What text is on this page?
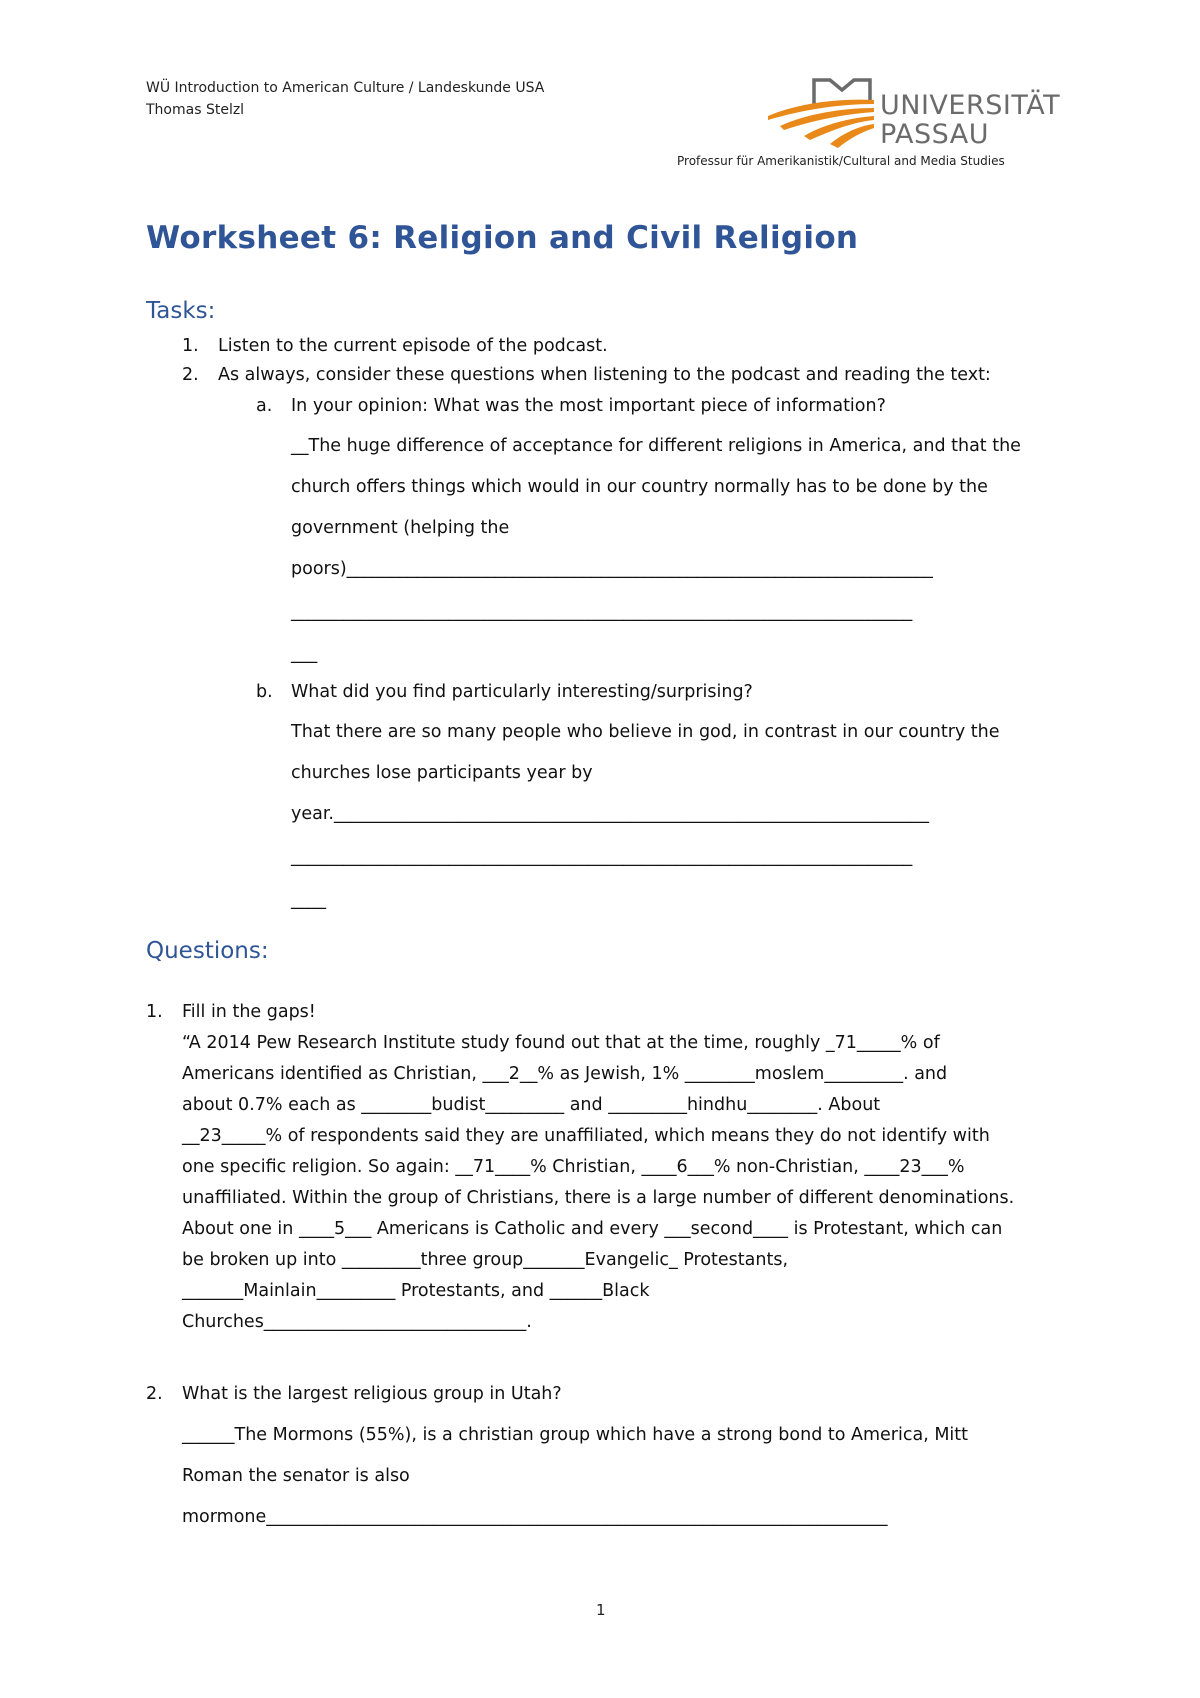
WÜ Introduction to American Culture / Landeskunde USA
Thomas Stelzl	UNIVERSITÄT
PASSAU
Professur für Amerikanistik/Cultural and Media Studies
Worksheet 6: Religion and Civil Religion
Tasks:
1. Listen to the current episode of the podcast.
2. As always, consider these questions when listening to the podcast and reading the text:
a. In your opinion: What was the most important piece of information?
__The huge difference of acceptance for different religions in America, and that the
church offers things which would in our country normally has to be done by the
government (helping the
poors)___________________________________________________________________
_______________________________________________________________________
___
b. What did you find particularly interesting/surprising?
That there are so many people who believe in god, in contrast in our country the
churches lose participants year by
year.____________________________________________________________________
_______________________________________________________________________
____
Questions:
1. Fill in the gaps!
“A 2014 Pew Research Institute study found out that at the time, roughly _71_____% of
Americans identified as Christian, ___2__% as Jewish, 1% ________moslem_________. and
about 0.7% each as ________budist_________ and _________hindhu________. About
__23_____% of respondents said they are unaffiliated, which means they do not identify with
one specific religion. So again: __71____% Christian, ____6___% non-Christian, ____23___%
unaffiliated. Within the group of Christians, there is a large number of different denominations.
About one in ____5___ Americans is Catholic and every ___second____ is Protestant, which can
be broken up into _________three group_______Evangelic_ Protestants,
_______Mainlain_________ Protestants, and ______Black
Churches______________________________.
2. What is the largest religious group in Utah?
______The Mormons (55%), is a christian group which have a strong bond to America, Mitt
Roman the senator is also
mormone_______________________________________________________________________
1
